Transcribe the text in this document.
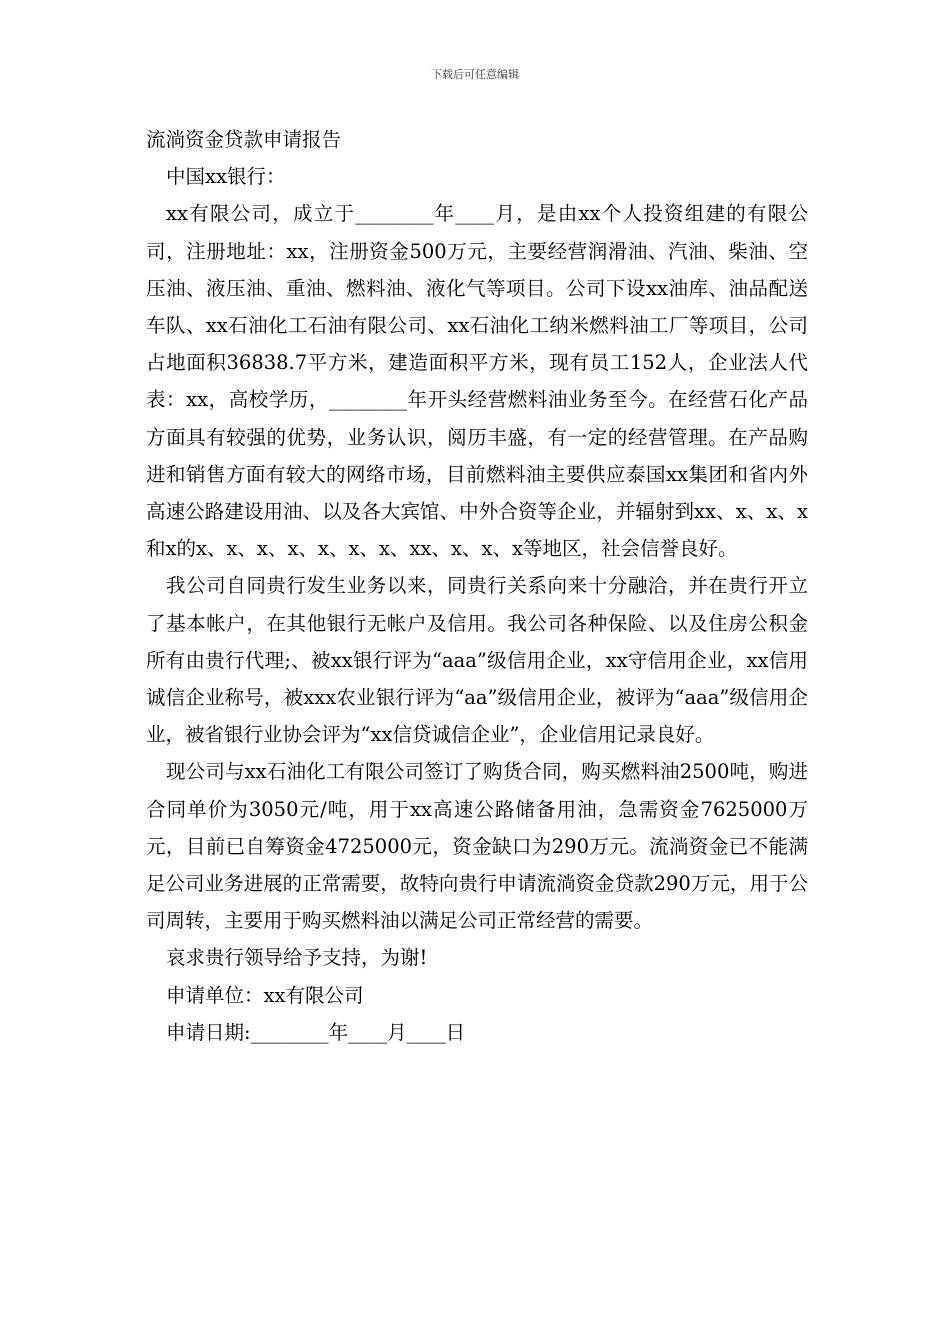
下载后可任意编辑

流淌资金贷款申请报告

中国xx银行：

xx有限公司，成立于________年____月，是由xx个人投资组建的有限公司，注册地址：xx，注册资金500万元，主要经营润滑油、汽油、柴油、空压油、液压油、重油、燃料油、液化气等项目。公司下设xx油库、油品配送车队、xx石油化工石油有限公司、xx石油化工纳米燃料油工厂等项目，公司占地面积36838.7平方米，建造面积平方米，现有员工152人，企业法人代表：xx，高校学历，________年开头经营燃料油业务至今。在经营石化产品方面具有较强的优势，业务认识，阅历丰盛，有一定的经营管理。在产品购进和销售方面有较大的网络市场，目前燃料油主要供应泰国xx集团和省内外高速公路建设用油、以及各大宾馆、中外合资等企业，并辐射到xx、x、x、x和x的x、x、x、x、x、x、x、xx、x、x、x等地区，社会信誉良好。

我公司自同贵行发生业务以来，同贵行关系向来十分融洽，并在贵行开立了基本帐户，在其他银行无帐户及信用。我公司各种保险、以及住房公积金所有由贵行代理;、被xx银行评为“aaa”级信用企业，xx守信用企业，xx信用诚信企业称号，被xxx农业银行评为“aa”级信用企业，被评为“aaa”级信用企业，被省银行业协会评为“xx信贷诚信企业”，企业信用记录良好。

现公司与xx石油化工有限公司签订了购货合同，购买燃料油2500吨，购进合同单价为3050元/吨，用于xx高速公路储备用油，急需资金7625000万元，目前已自筹资金4725000元，资金缺口为290万元。流淌资金已不能满足公司业务进展的正常需要，故特向贵行申请流淌资金贷款290万元，用于公司周转，主要用于购买燃料油以满足公司正常经营的需要。

哀求贵行领导给予支持，为谢!

申请单位：xx有限公司

申请日期:________年____月____日
